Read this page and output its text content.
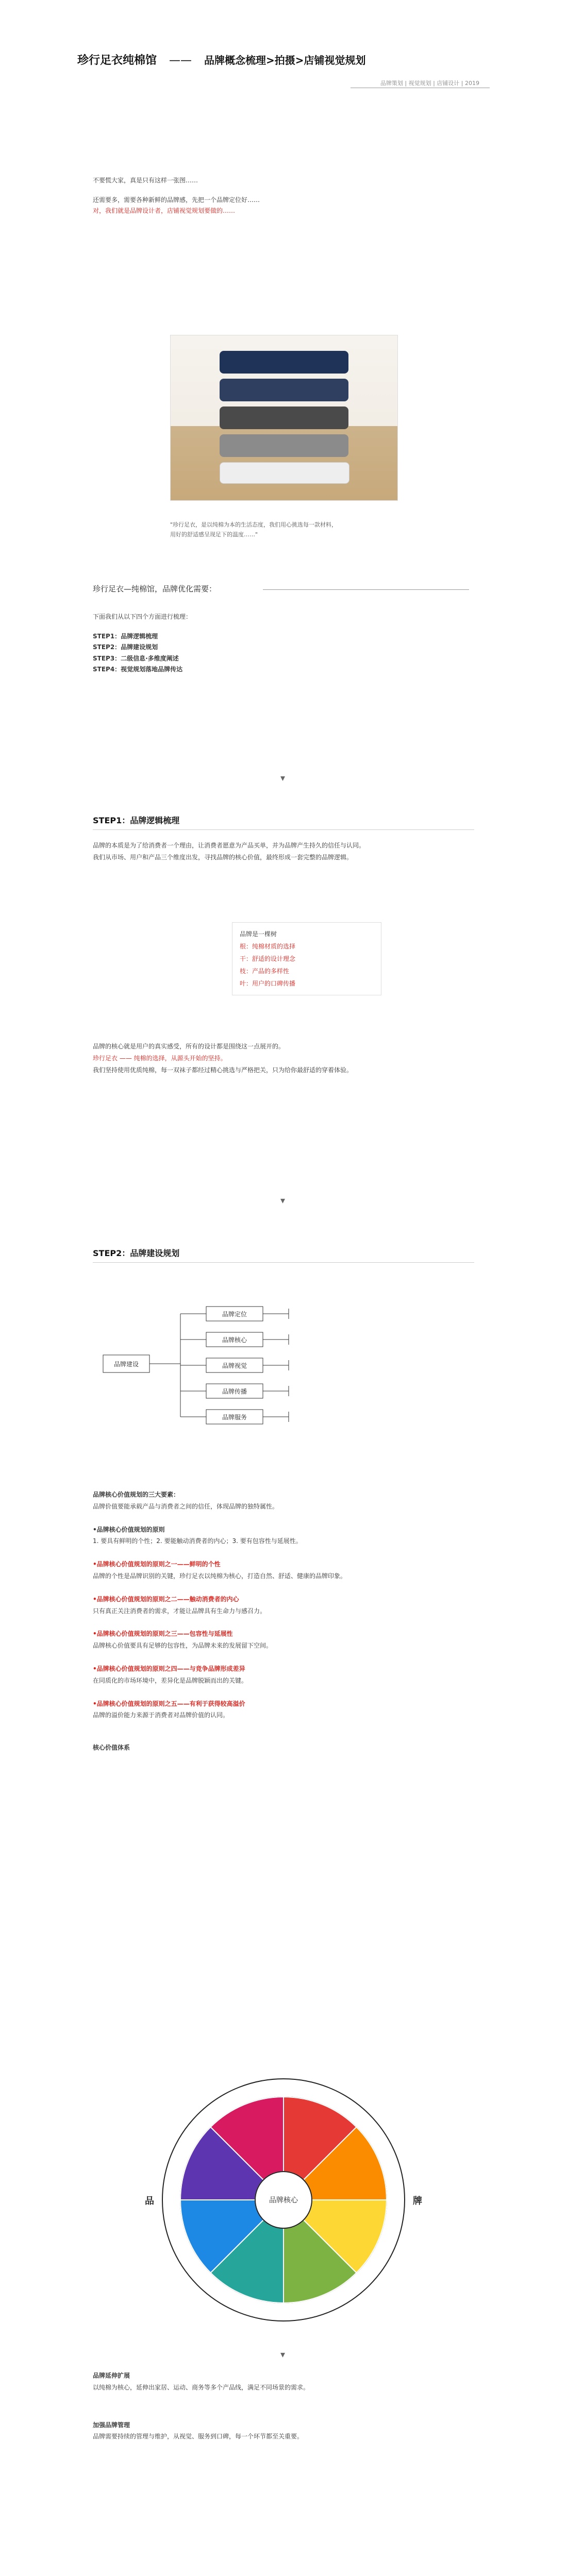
珍行足衣纯棉馆 —— 品牌概念梳理>拍摄>店铺视觉规划
品牌策划 | 视觉规划 | 店铺设计 | 2019
不要慌大家，真是只有这样一张图……
还需要多，需要各种新鲜的品牌感，先把一个品牌定位好……
对，我们就是品牌设计者，店铺视觉规划要做的……
"珍行足衣，是以纯棉为本的生活态度，我们用心挑选每一款材料，
用好的舒适感呈现足下的温度……"
珍行足衣—纯棉馆，品牌优化需要：
下面我们从以下四个方面进行梳理：
STEP1：品牌逻辑梳理
STEP2：品牌建设规划
STEP3：二级信息·多维度阐述
STEP4：视觉规划落地品牌传达
▾
STEP1：品牌逻辑梳理
品牌的本质是为了给消费者一个理由，让消费者愿意为产品买单，并为品牌产生持久的信任与认同。
我们从市场、用户和产品三个维度出发，寻找品牌的核心价值，最终形成一套完整的品牌逻辑。
品牌是一棵树
根：纯棉材质的选择
干：舒适的设计理念
枝：产品的多样性
叶：用户的口碑传播
品牌的核心就是用户的真实感受，所有的设计都是围绕这一点展开的。
珍行足衣 —— 纯棉的选择，从源头开始的坚持。
我们坚持使用优质纯棉，每一双袜子都经过精心挑选与严格把关，只为给你最舒适的穿着体验。
▾
STEP2：品牌建设规划
品牌建设
品牌定位
品牌核心
品牌视觉
品牌传播
品牌服务
品牌核心价值规划的三大要素：
品牌价值要能承载产品与消费者之间的信任，体现品牌的独特属性。
•品牌核心价值规划的原则
1. 要具有鲜明的个性；2. 要能触动消费者的内心；3. 要有包容性与延展性。
•品牌核心价值规划的原则之一——鲜明的个性
品牌的个性是品牌识别的关键，珍行足衣以纯棉为核心，打造自然、舒适、健康的品牌印象。
•品牌核心价值规划的原则之二——触动消费者的内心
只有真正关注消费者的需求，才能让品牌具有生命力与感召力。
•品牌核心价值规划的原则之三——包容性与延展性
品牌核心价值要具有足够的包容性，为品牌未来的发展留下空间。
•品牌核心价值规划的原则之四——与竞争品牌形成差异
在同质化的市场环境中，差异化是品牌脱颖而出的关键。
•品牌核心价值规划的原则之五——有利于获得较高溢价
品牌的溢价能力来源于消费者对品牌价值的认同。
核心价值体系
品牌核心
品	牌
▾
品牌延伸扩展
以纯棉为核心，延伸出家居、运动、商务等多个产品线，满足不同场景的需求。
加强品牌管理
品牌需要持续的管理与维护，从视觉、服务到口碑，每一个环节都至关重要。
